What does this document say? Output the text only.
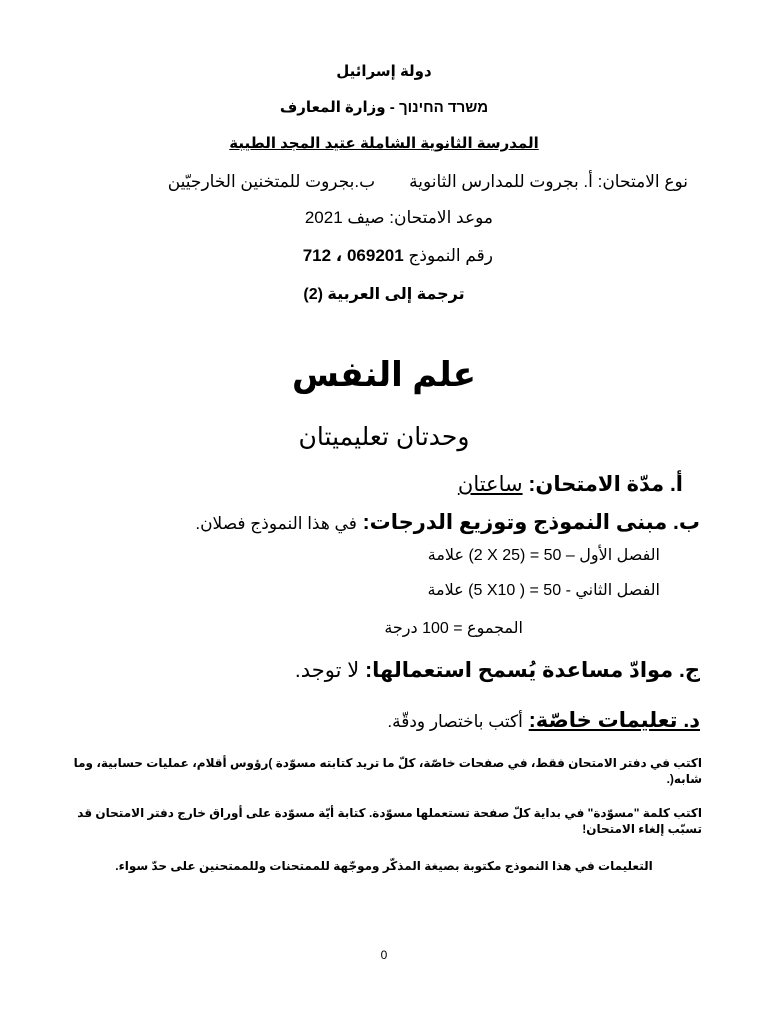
دولة إسرائيل
משרד החינוך - وزارة المعارف
المدرسة الثانوية الشاملة عتيد المجد الطيبة
نوع الامتحان: أ. بجروت للمدارس الثانويةب.بجروت للمتخنين الخارجيّين
موعد الامتحان: صيف 2021
رقم النموذج 069201 ، 712
ترجمة إلى العربية (2)
علم النفس
وحدتان تعليميتان
أ. مدّة الامتحان: ساعتان
ب. مبنى النموذج وتوزيع الدرجات: في هذا النموذج فصلان.
الفصل الأول – (2 X 25) = 50 علامة
الفصل الثاني - (5 X10 ) = 50 علامة
المجموع 100 = درجة
ج. موادّ مساعدة يُسمح استعمالها: لا توجد.
د. تعليمات خاصّة: أكتب باختصار ودقّة.

اكتب في دفتر الامتحان فقط، في صفحات خاصّة، كلّ ما تريد كتابته مسوّدة )رؤوس أقلام، عمليات حسابية، وما شابه(.

اكتب كلمة "مسوّدة" في بداية كلّ صفحة تستعملها مسوّدة. كتابة أيّة مسوّدة على أوراق خارج دفتر الامتحان قد تسبّب إلغاء الامتحان!

التعليمات في هذا النموذج مكتوبة بصيغة المذكّر وموجّهة للممتحنات وللممتحنين على حدّ سواء.

0
